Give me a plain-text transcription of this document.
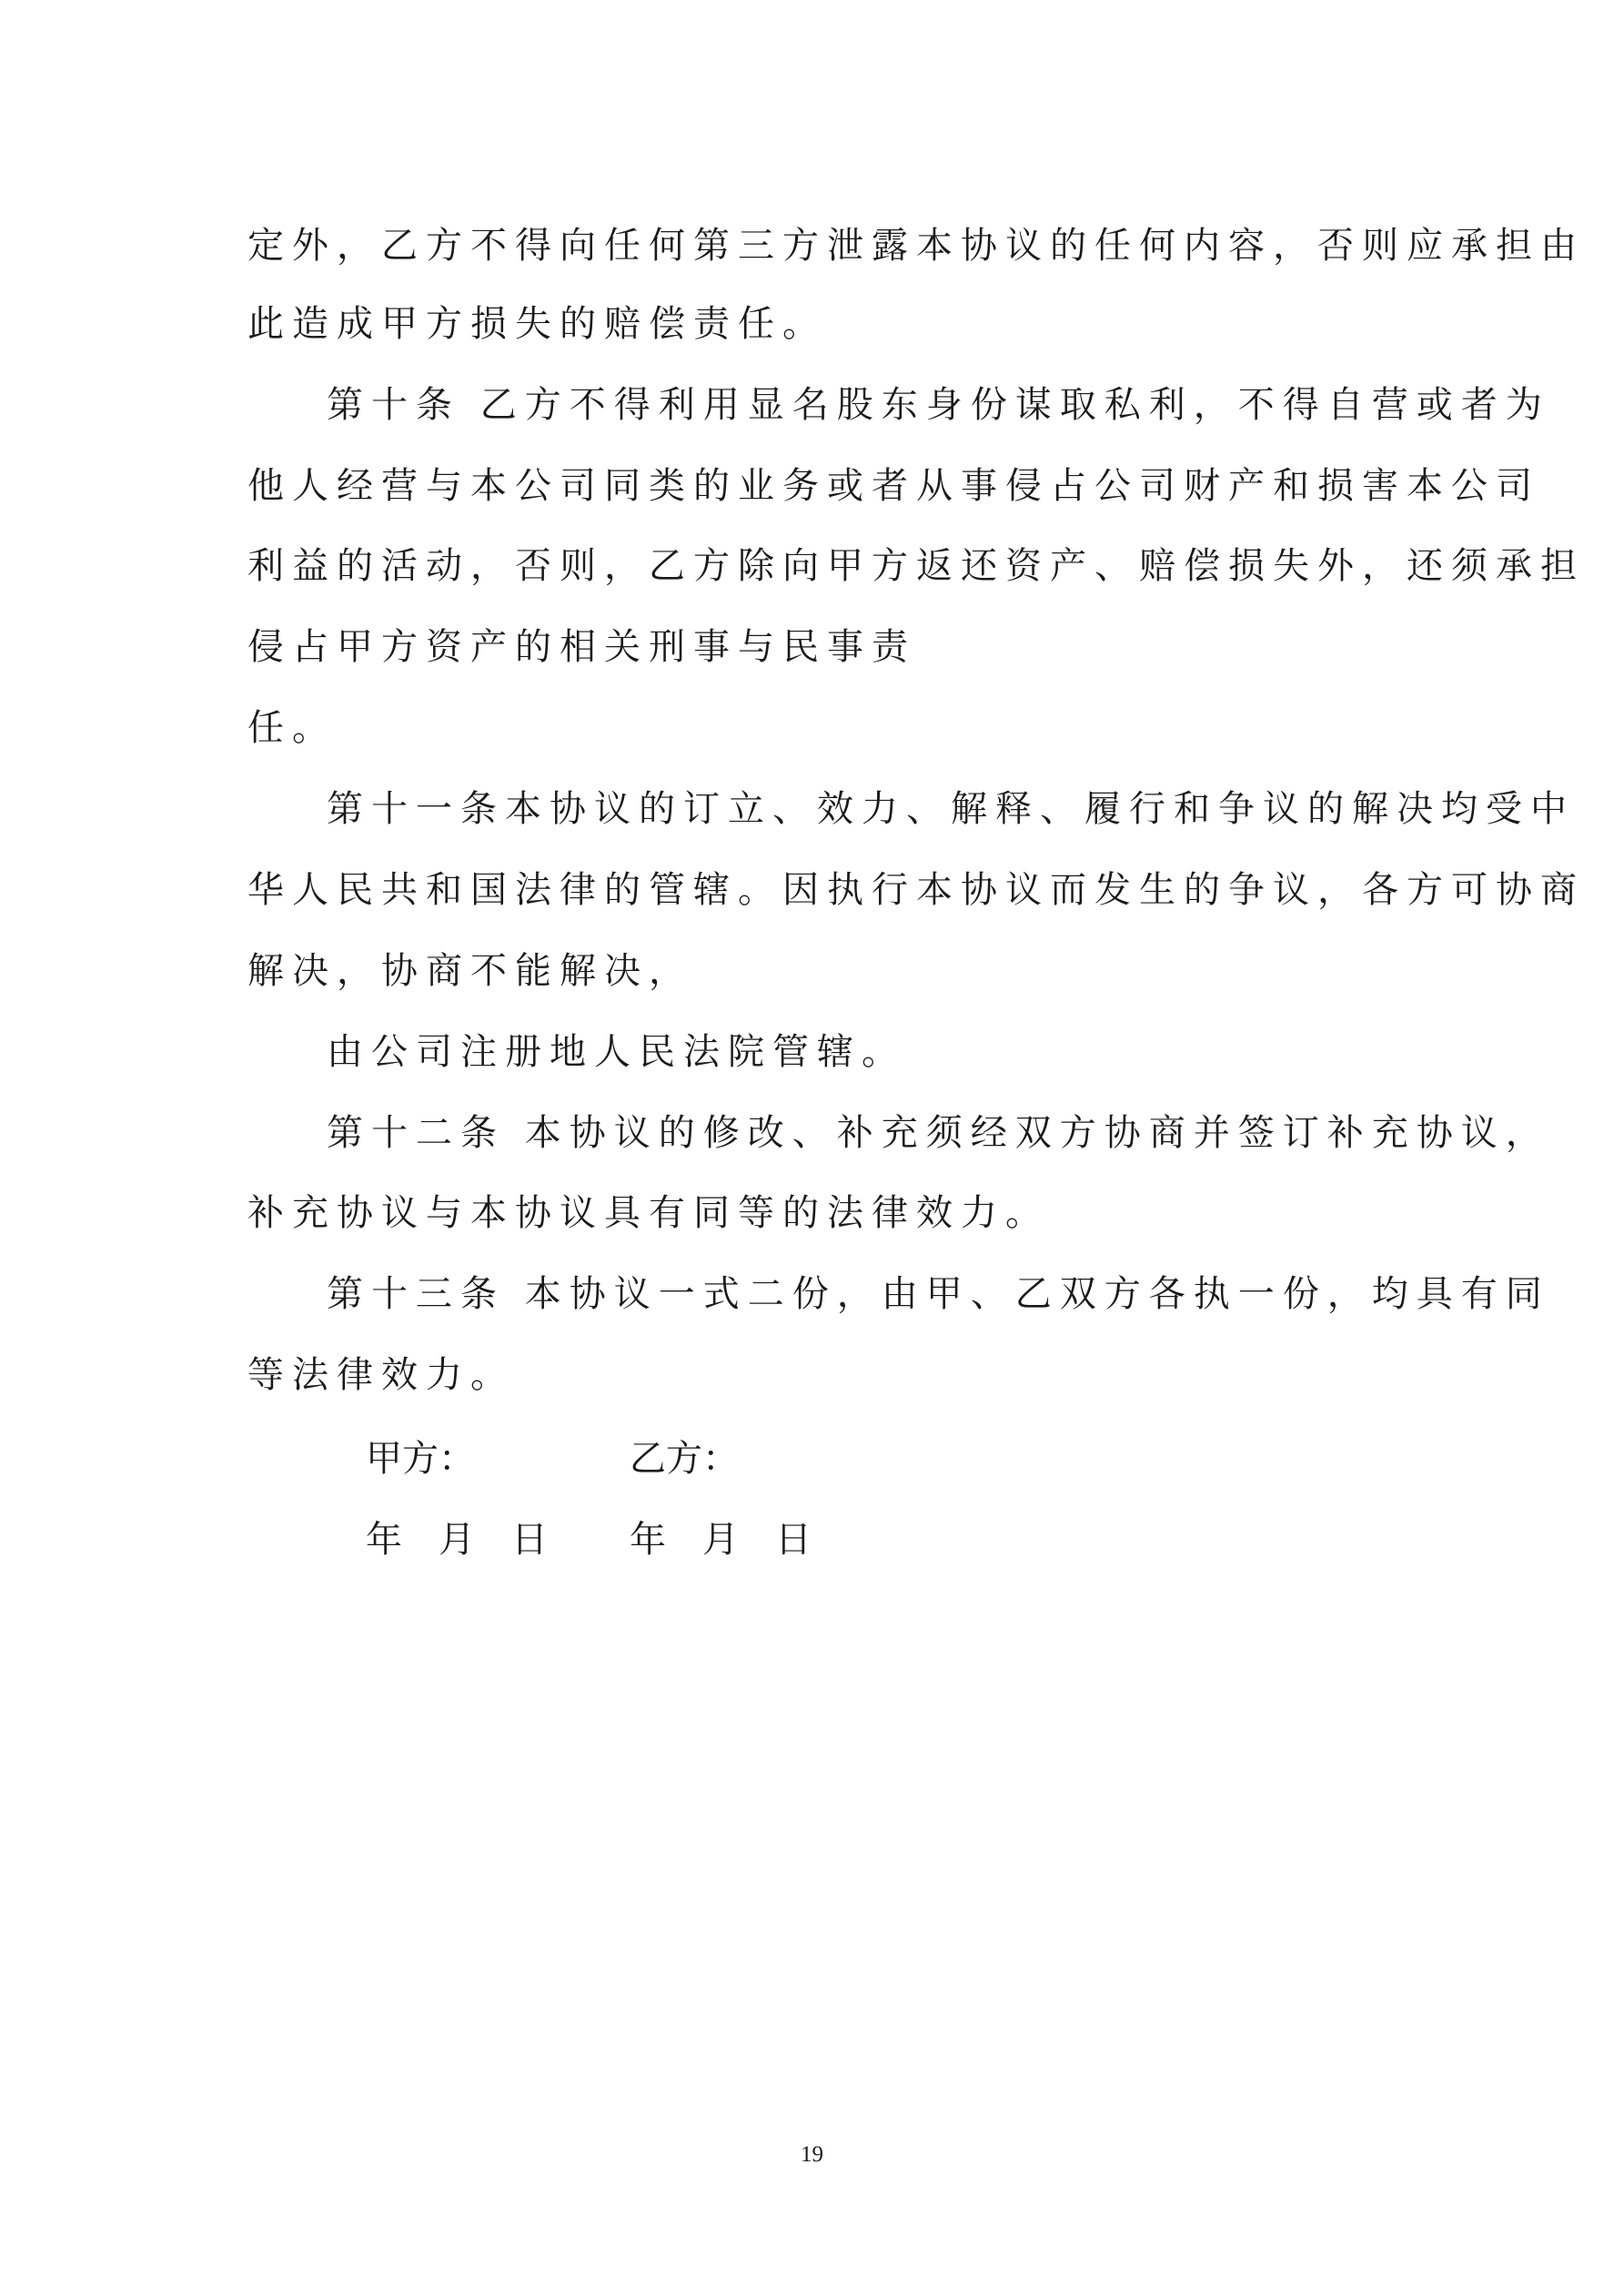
定外，乙方不得向任何第三方泄露本协议的任何内容，否则应承担由
此造成甲方损失的赔偿责任。
第十条 乙方不得利用显名股东身份谋取私利，不得自营或者为
他人经营与本公司同类的业务或者从事侵占公司财产和损害本公司
利益的活动，否则，乙方除向甲方返还资产、赔偿损失外，还须承担
侵占甲方资产的相关刑事与民事责
任。
第十一条本协议的订立、效力、解释、履行和争议的解决均受中
华人民共和国法律的管辖。因执行本协议而发生的争议，各方可协商
解决，协商不能解决，
由公司注册地人民法院管辖。
第十二条 本协议的修改、补充须经双方协商并签订补充协议，
补充协议与本协议具有同等的法律效力。
第十三条 本协议一式二份，由甲、乙双方各执一份，均具有同
等法律效力。
甲方：	乙方：
年　月　日 年　月　日
19
